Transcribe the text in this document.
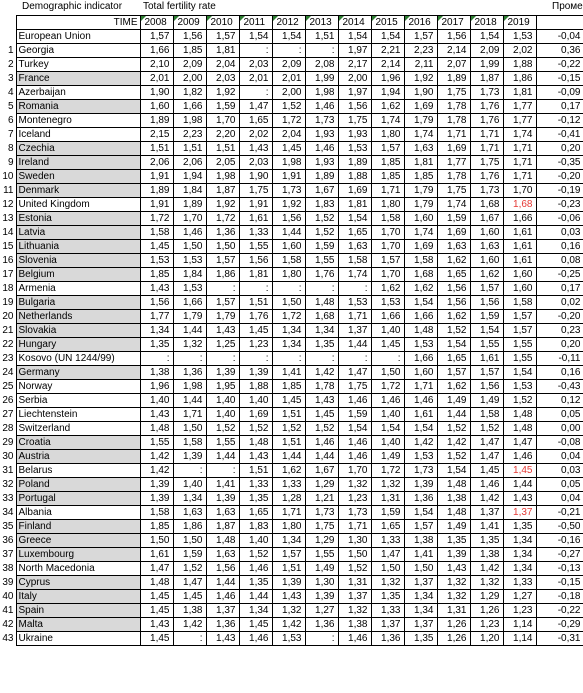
Demographic indicator Total fertility rate	Проме
	TIME	2008	2009	2010	2011	2012	2013	2014	2015	2016	2017	2018	2019	
	European Union	1,57	1,56	1,57	1,54	1,54	1,51	1,54	1,54	1,57	1,56	1,54	1,53	-0,04
1	Georgia	1,66	1,85	1,81	:	:	:	1,97	2,21	2,23	2,14	2,09	2,02	0,36
2	Turkey	2,10	2,09	2,04	2,03	2,09	2,08	2,17	2,14	2,11	2,07	1,99	1,88	-0,22
3	France	2,01	2,00	2,03	2,01	2,01	1,99	2,00	1,96	1,92	1,89	1,87	1,86	-0,15
4	Azerbaijan	1,90	1,82	1,92	:	2,00	1,98	1,97	1,94	1,90	1,75	1,73	1,81	-0,09
5	Romania	1,60	1,66	1,59	1,47	1,52	1,46	1,56	1,62	1,69	1,78	1,76	1,77	0,17
6	Montenegro	1,89	1,98	1,70	1,65	1,72	1,73	1,75	1,74	1,79	1,78	1,76	1,77	-0,12
7	Iceland	2,15	2,23	2,20	2,02	2,04	1,93	1,93	1,80	1,74	1,71	1,71	1,74	-0,41
8	Czechia	1,51	1,51	1,51	1,43	1,45	1,46	1,53	1,57	1,63	1,69	1,71	1,71	0,20
9	Ireland	2,06	2,06	2,05	2,03	1,98	1,93	1,89	1,85	1,81	1,77	1,75	1,71	-0,35
10	Sweden	1,91	1,94	1,98	1,90	1,91	1,89	1,88	1,85	1,85	1,78	1,76	1,71	-0,20
11	Denmark	1,89	1,84	1,87	1,75	1,73	1,67	1,69	1,71	1,79	1,75	1,73	1,70	-0,19
12	United Kingdom	1,91	1,89	1,92	1,91	1,92	1,83	1,81	1,80	1,79	1,74	1,68	1,68	-0,23
13	Estonia	1,72	1,70	1,72	1,61	1,56	1,52	1,54	1,58	1,60	1,59	1,67	1,66	-0,06
14	Latvia	1,58	1,46	1,36	1,33	1,44	1,52	1,65	1,70	1,74	1,69	1,60	1,61	0,03
15	Lithuania	1,45	1,50	1,50	1,55	1,60	1,59	1,63	1,70	1,69	1,63	1,63	1,61	0,16
16	Slovenia	1,53	1,53	1,57	1,56	1,58	1,55	1,58	1,57	1,58	1,62	1,60	1,61	0,08
17	Belgium	1,85	1,84	1,86	1,81	1,80	1,76	1,74	1,70	1,68	1,65	1,62	1,60	-0,25
18	Armenia	1,43	1,53	:	:	:	:	:	1,62	1,62	1,56	1,57	1,60	0,17
19	Bulgaria	1,56	1,66	1,57	1,51	1,50	1,48	1,53	1,53	1,54	1,56	1,56	1,58	0,02
20	Netherlands	1,77	1,79	1,79	1,76	1,72	1,68	1,71	1,66	1,66	1,62	1,59	1,57	-0,20
21	Slovakia	1,34	1,44	1,43	1,45	1,34	1,34	1,37	1,40	1,48	1,52	1,54	1,57	0,23
22	Hungary	1,35	1,32	1,25	1,23	1,34	1,35	1,44	1,45	1,53	1,54	1,55	1,55	0,20
23	Kosovo (UN 1244/99)	:	:	:	:	:	:	:	:	1,66	1,65	1,61	1,55	-0,11
24	Germany	1,38	1,36	1,39	1,39	1,41	1,42	1,47	1,50	1,60	1,57	1,57	1,54	0,16
25	Norway	1,96	1,98	1,95	1,88	1,85	1,78	1,75	1,72	1,71	1,62	1,56	1,53	-0,43
26	Serbia	1,40	1,44	1,40	1,40	1,45	1,43	1,46	1,46	1,46	1,49	1,49	1,52	0,12
27	Liechtenstein	1,43	1,71	1,40	1,69	1,51	1,45	1,59	1,40	1,61	1,44	1,58	1,48	0,05
28	Switzerland	1,48	1,50	1,52	1,52	1,52	1,52	1,54	1,54	1,54	1,52	1,52	1,48	0,00
29	Croatia	1,55	1,58	1,55	1,48	1,51	1,46	1,46	1,40	1,42	1,42	1,47	1,47	-0,08
30	Austria	1,42	1,39	1,44	1,43	1,44	1,44	1,46	1,49	1,53	1,52	1,47	1,46	0,04
31	Belarus	1,42	:	:	1,51	1,62	1,67	1,70	1,72	1,73	1,54	1,45	1,45	0,03
32	Poland	1,39	1,40	1,41	1,33	1,33	1,29	1,32	1,32	1,39	1,48	1,46	1,44	0,05
33	Portugal	1,39	1,34	1,39	1,35	1,28	1,21	1,23	1,31	1,36	1,38	1,42	1,43	0,04
34	Albania	1,58	1,63	1,63	1,65	1,71	1,73	1,73	1,59	1,54	1,48	1,37	1,37	-0,21
35	Finland	1,85	1,86	1,87	1,83	1,80	1,75	1,71	1,65	1,57	1,49	1,41	1,35	-0,50
36	Greece	1,50	1,50	1,48	1,40	1,34	1,29	1,30	1,33	1,38	1,35	1,35	1,34	-0,16
37	Luxembourg	1,61	1,59	1,63	1,52	1,57	1,55	1,50	1,47	1,41	1,39	1,38	1,34	-0,27
38	North Macedonia	1,47	1,52	1,56	1,46	1,51	1,49	1,52	1,50	1,50	1,43	1,42	1,34	-0,13
39	Cyprus	1,48	1,47	1,44	1,35	1,39	1,30	1,31	1,32	1,37	1,32	1,32	1,33	-0,15
40	Italy	1,45	1,45	1,46	1,44	1,43	1,39	1,37	1,35	1,34	1,32	1,29	1,27	-0,18
41	Spain	1,45	1,38	1,37	1,34	1,32	1,27	1,32	1,33	1,34	1,31	1,26	1,23	-0,22
42	Malta	1,43	1,42	1,36	1,45	1,42	1,36	1,38	1,37	1,37	1,26	1,23	1,14	-0,29
43	Ukraine	1,45	:	1,43	1,46	1,53	:	1,46	1,36	1,35	1,26	1,20	1,14	-0,31
